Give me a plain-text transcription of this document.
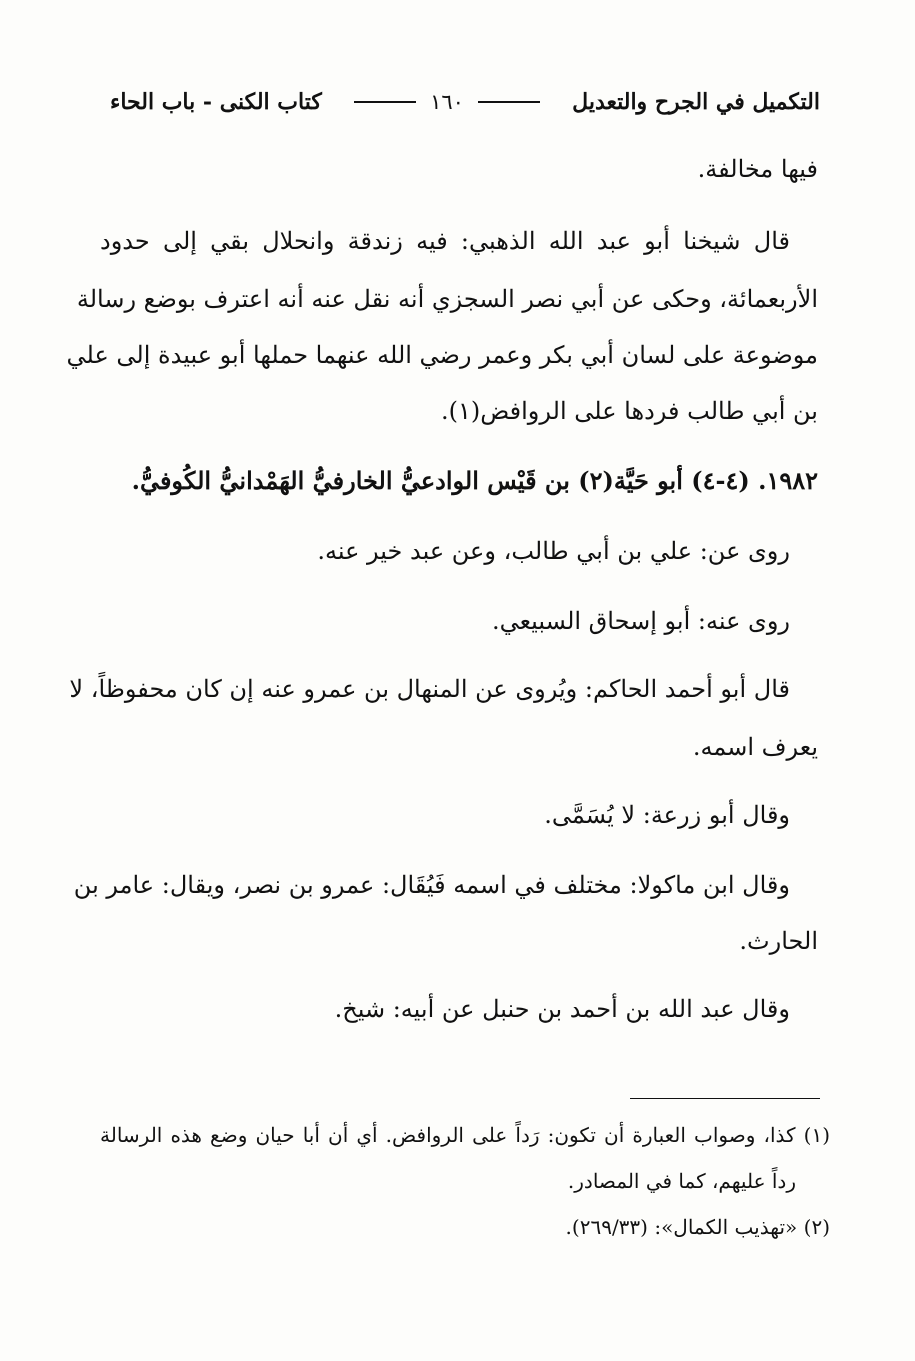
التكميل في الجرح والتعديل
١٦٠
كتاب الكنى - باب الحاء
فيها مخالفة.
قال شيخنا أبو عبد الله الذهبي: فيه زندقة وانحلال بقي إلى حدود
الأربعمائة، وحكى عن أبي نصر السجزي أنه نقل عنه أنه اعترف بوضع رسالة
موضوعة على لسان أبي بكر وعمر رضي الله عنهما حملها أبو عبيدة إلى علي
بن أبي طالب فردها على الروافض(١).
١٩٨٢. (٤-٤) أبو حَيَّة(٢) بن قَيْس الوادعيُّ الخارفيُّ الهَمْدانيُّ الكُوفيُّ.
روى عن: علي بن أبي طالب، وعن عبد خير عنه.
روى عنه: أبو إسحاق السبيعي.
قال أبو أحمد الحاكم: ويُروى عن المنهال بن عمرو عنه إن كان محفوظاً، لا
يعرف اسمه.
وقال أبو زرعة: لا يُسَمَّى.
وقال ابن ماكولا: مختلف في اسمه فَيُقَال: عمرو بن نصر، ويقال: عامر بن
الحارث.
وقال عبد الله بن أحمد بن حنبل عن أبيه: شيخ.

(١) كذا، وصواب العبارة أن تكون: رَداً على الروافض. أي أن أبا حيان وضع هذه الرسالة

رداً عليهم، كما في المصادر.

(٢) «تهذيب الكمال»: (٢٦٩/٣٣).
